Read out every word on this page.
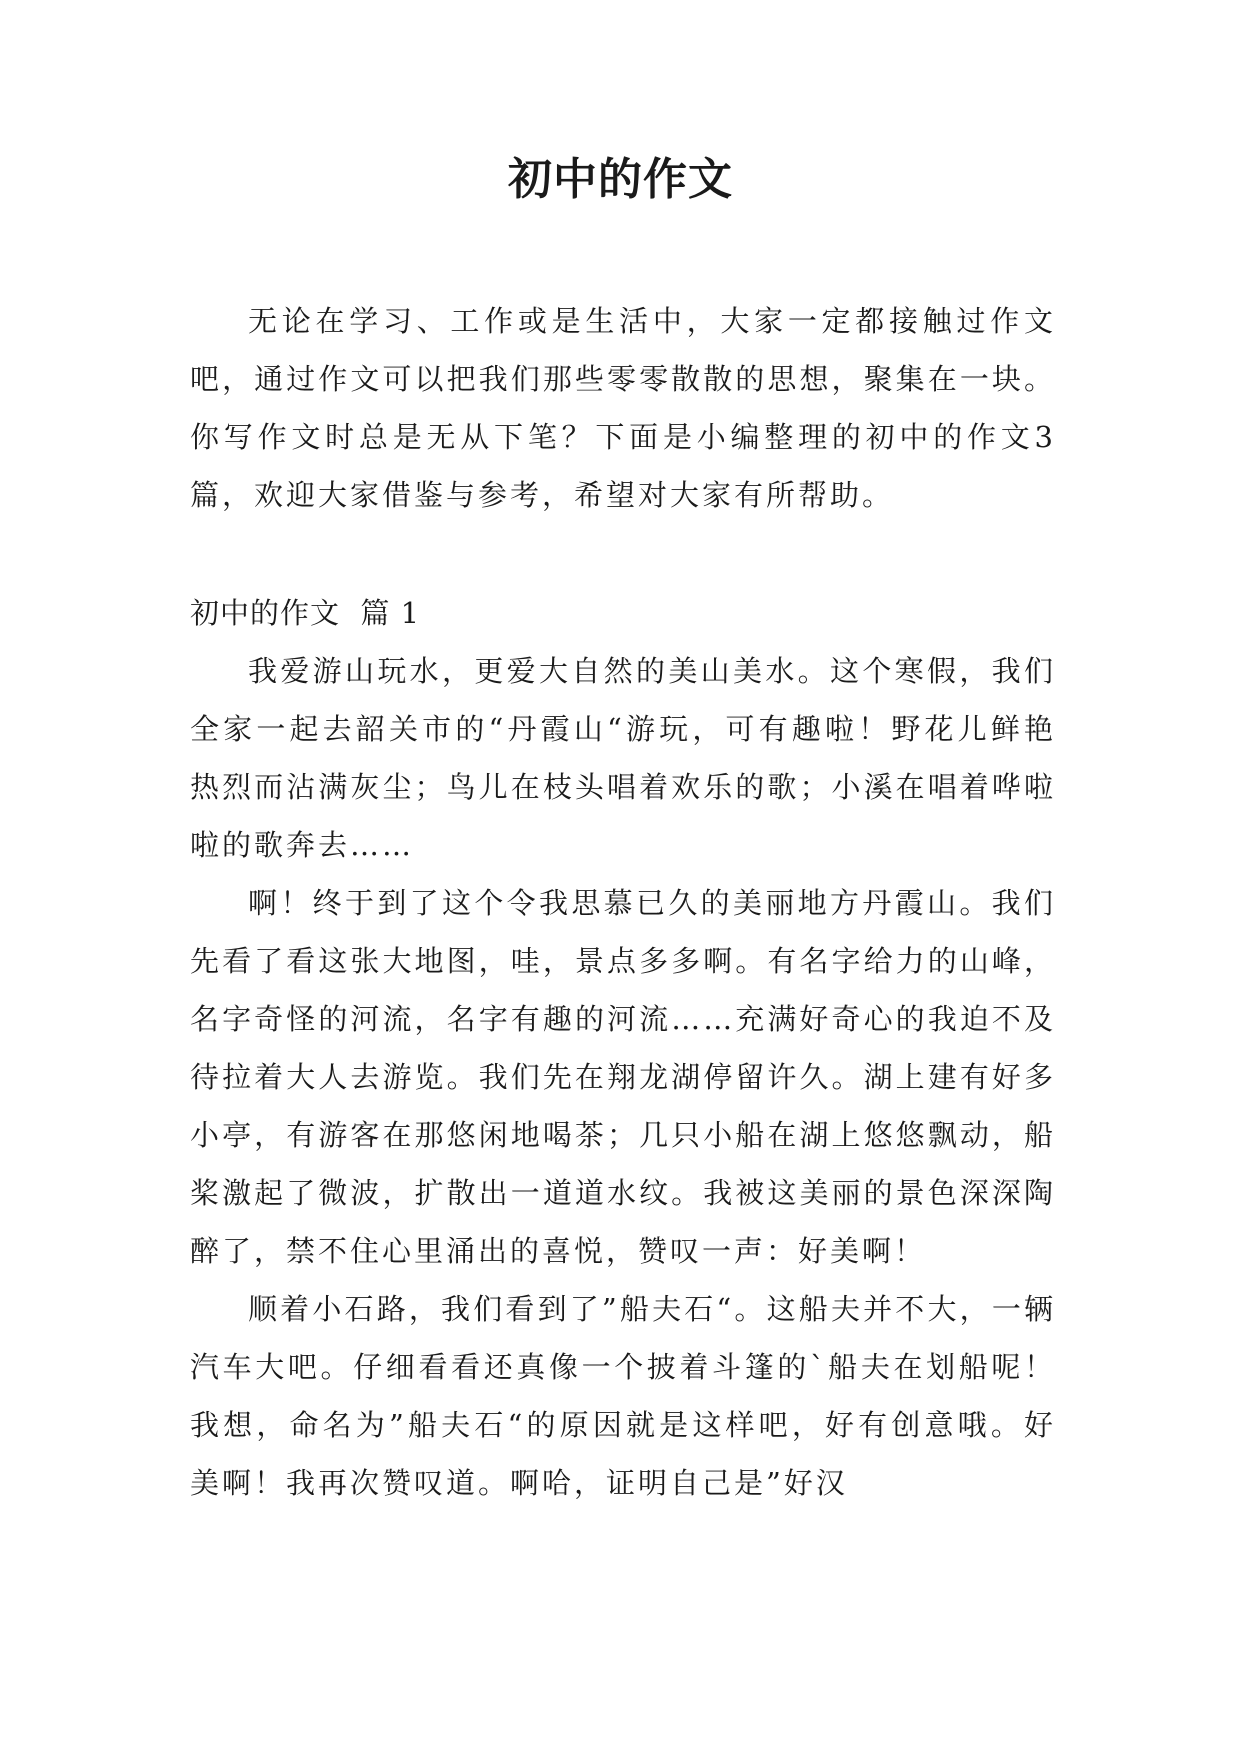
初中的作文

无论在学习、工作或是生活中，大家一定都接触过作文吧，通过作文可以把我们那些零零散散的思想，聚集在一块。你写作文时总是无从下笔？下面是小编整理的初中的作文3篇，欢迎大家借鉴与参考，希望对大家有所帮助。

初中的作文  篇 1

我爱游山玩水，更爱大自然的美山美水。这个寒假，我们全家一起去韶关市的“丹霞山“游玩，可有趣啦！野花儿鲜艳热烈而沾满灰尘；鸟儿在枝头唱着欢乐的歌；小溪在唱着哗啦啦的歌奔去……

啊！终于到了这个令我思慕已久的美丽地方丹霞山。我们先看了看这张大地图，哇，景点多多啊。有名字给力的山峰，名字奇怪的河流，名字有趣的河流……充满好奇心的我迫不及待拉着大人去游览。我们先在翔龙湖停留许久。湖上建有好多小亭，有游客在那悠闲地喝茶；几只小船在湖上悠悠飘动，船桨激起了微波，扩散出一道道水纹。我被这美丽的景色深深陶醉了，禁不住心里涌出的喜悦，赞叹一声：好美啊！

顺着小石路，我们看到了”船夫石“。这船夫并不大，一辆汽车大吧。仔细看看还真像一个披着斗篷的`船夫在划船呢！我想，命名为”船夫石“的原因就是这样吧，好有创意哦。好美啊！我再次赞叹道。啊哈，证明自己是”好汉
